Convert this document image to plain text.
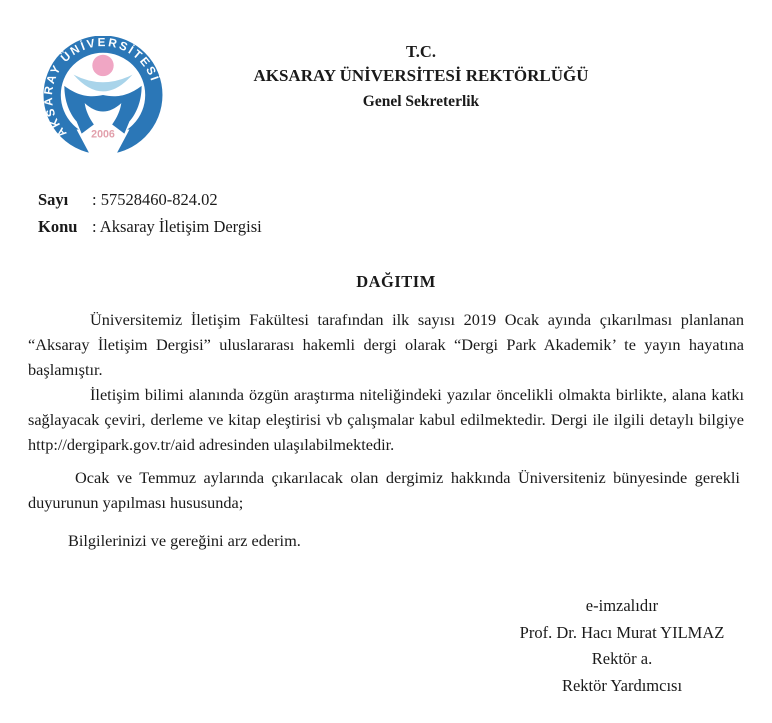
AKSARAY ÜNİVERSİTESİ
2006
T.C.
AKSARAY ÜNİVERSİTESİ REKTÖRLÜĞÜ
Genel Sekreterlik
Sayı : 57528460-824.02
Konu : Aksaray İletişim Dergisi
DAĞITIM

Üniversitemiz İletişim Fakültesi tarafından ilk sayısı 2019 Ocak ayında çıkarılması planlanan “Aksaray İletişim Dergisi” uluslararası hakemli dergi olarak “Dergi Park Akademik’ te yayın hayatına başlamıştır.

İletişim bilimi alanında özgün araştırma niteliğindeki yazılar öncelikli olmakta birlikte, alana katkı sağlayacak çeviri, derleme ve kitap eleştirisi vb çalışmalar kabul edilmektedir. Dergi ile ilgili detaylı bilgiye http://dergipark.gov.tr/aid adresinden ulaşılabilmektedir.

Ocak ve Temmuz aylarında çıkarılacak olan dergimiz hakkında Üniversiteniz bünyesinde gerekli  duyurunun yapılması hususunda;

Bilgilerinizi ve gereğini arz ederim.

e-imzalıdır
Prof. Dr. Hacı Murat YILMAZ
Rektör a.
Rektör Yardımcısı
